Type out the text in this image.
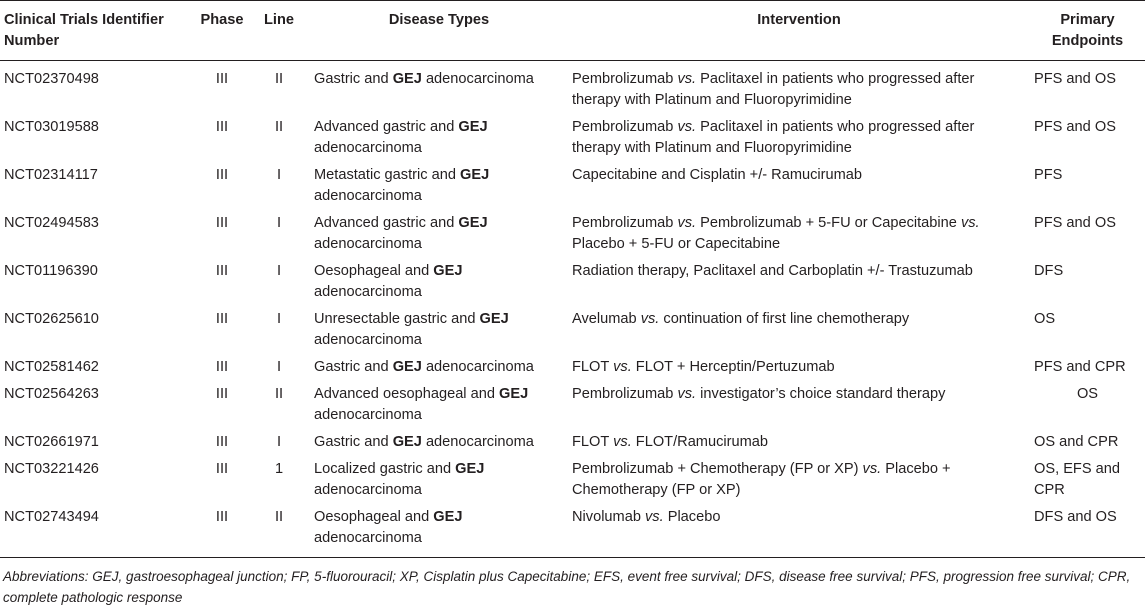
Clinical Trials Identifier Number	Phase	Line	Disease Types	Intervention	Primary Endpoints
NCT02370498	III	II	Gastric and GEJ adenocarcinoma	Pembrolizumab vs. Paclitaxel in patients who progressed after therapy with Platinum and Fluoropyrimidine	PFS and OS
NCT03019588	III	II	Advanced gastric and GEJ adenocarcinoma	Pembrolizumab vs. Paclitaxel in patients who progressed after therapy with Platinum and Fluoropyrimidine	PFS and OS
NCT02314117	III	I	Metastatic gastric and GEJ adenocarcinoma	Capecitabine and Cisplatin +/- Ramucirumab	PFS
NCT02494583	III	I	Advanced gastric and GEJ adenocarcinoma	Pembrolizumab vs. Pembrolizumab + 5-FU or Capecitabine vs. Placebo + 5-FU or Capecitabine	PFS and OS
NCT01196390	III	I	Oesophageal and GEJ adenocarcinoma	Radiation therapy, Paclitaxel and Carboplatin +/- Trastuzumab	DFS
NCT02625610	III	I	Unresectable gastric and GEJ adenocarcinoma	Avelumab vs. continuation of first line chemotherapy	OS
NCT02581462	III	I	Gastric and GEJ adenocarcinoma	FLOT vs. FLOT + Herceptin/Pertuzumab	PFS and CPR
NCT02564263	III	II	Advanced oesophageal and GEJ adenocarcinoma	Pembrolizumab vs. investigator’s choice standard therapy	OS
NCT02661971	III	I	Gastric and GEJ adenocarcinoma	FLOT vs. FLOT/Ramucirumab	OS and CPR
NCT03221426	III	1	Localized gastric and GEJ adenocarcinoma	Pembrolizumab + Chemotherapy (FP or XP) vs. Placebo + Chemotherapy (FP or XP)	OS, EFS and CPR
NCT02743494	III	II	Oesophageal and GEJ adenocarcinoma	Nivolumab vs. Placebo	DFS and OS
Abbreviations: GEJ, gastroesophageal junction; FP, 5-fluorouracil; XP, Cisplatin plus Capecitabine; EFS, event free survival; DFS, disease free survival; PFS, progression free survival; CPR, complete pathologic response
